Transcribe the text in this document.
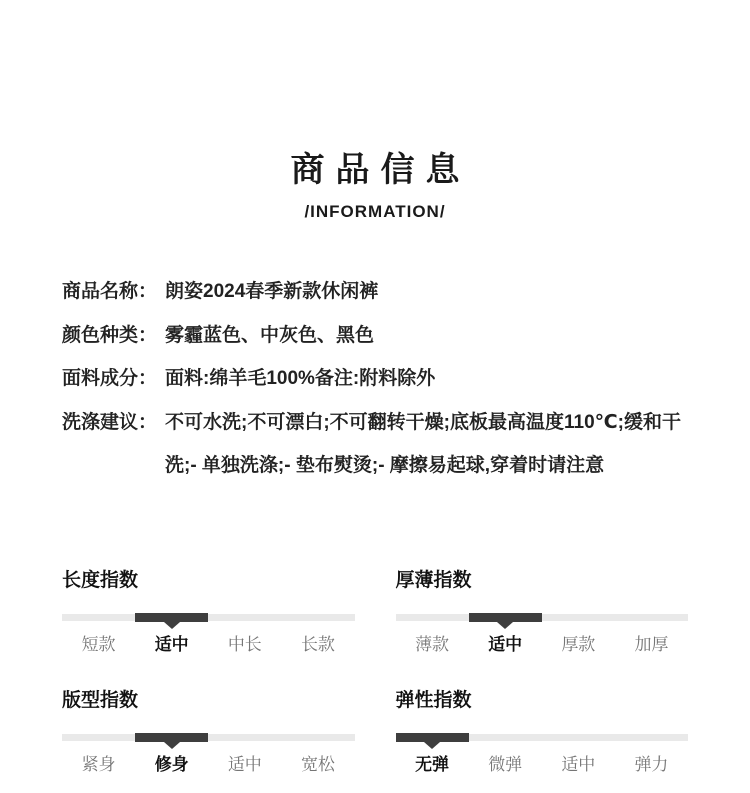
商品信息
/INFORMATION/
商品名称： 朗姿2024春季新款休闲裤
颜色种类： 雾霾蓝色、中灰色、黑色
面料成分： 面料:绵羊毛100%备注:附料除外
洗涤建议： 不可水洗;不可漂白;不可翻转干燥;底板最高温度110℃;缓和干
洗;- 单独洗涤;- 垫布熨烫;- 摩擦易起球,穿着时请注意
长度指数
短款	适中	中长	长款
厚薄指数
薄款	适中	厚款	加厚
版型指数
紧身	修身	适中	宽松
弹性指数
无弹	微弹	适中	弹力
